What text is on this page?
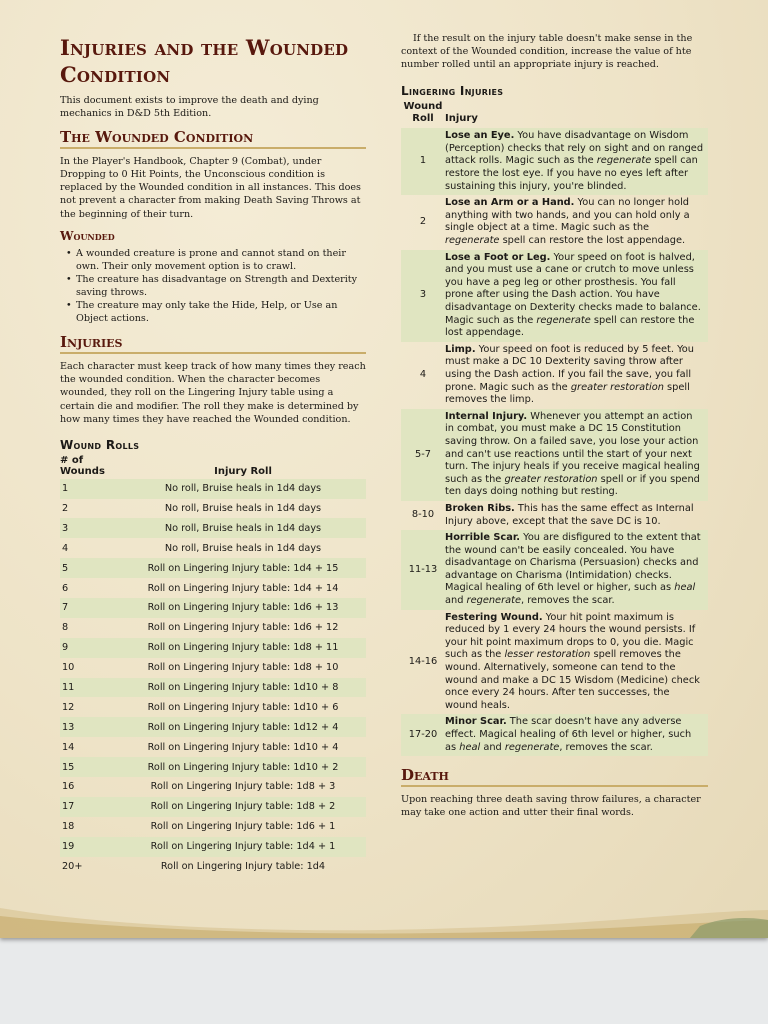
Injuries and the Wounded Condition

This document exists to improve the death and dying mechanics in D&D 5th Edition.

The Wounded Condition

In the Player's Handbook, Chapter 9 (Combat), under Dropping to 0 Hit Points, the Unconscious condition is replaced by the Wounded condition in all instances. This does not prevent a character from making Death Saving Throws at the beginning of their turn.

Wounded
• A wounded creature is prone and cannot stand on their own. Their only movement option is to crawl.
• The creature has disadvantage on Strength and Dexterity saving throws.
• The creature may only take the Hide, Help, or Use an Object actions.
Injuries

Each character must keep track of how many times they reach the wounded condition. When the character becomes wounded, they roll on the Lingering Injury table using a certain die and modifier. The roll they make is determined by how many times they have reached the Wounded condition.

Wound Rolls
# of Wounds	Injury Roll
1	No roll, Bruise heals in 1d4 days
2	No roll, Bruise heals in 1d4 days
3	No roll, Bruise heals in 1d4 days
4	No roll, Bruise heals in 1d4 days
5	Roll on Lingering Injury table: 1d4 + 15
6	Roll on Lingering Injury table: 1d4 + 14
7	Roll on Lingering Injury table: 1d6 + 13
8	Roll on Lingering Injury table: 1d6 + 12
9	Roll on Lingering Injury table: 1d8 + 11
10	Roll on Lingering Injury table: 1d8 + 10
11	Roll on Lingering Injury table: 1d10 + 8
12	Roll on Lingering Injury table: 1d10 + 6
13	Roll on Lingering Injury table: 1d12 + 4
14	Roll on Lingering Injury table: 1d10 + 4
15	Roll on Lingering Injury table: 1d10 + 2
16	Roll on Lingering Injury table: 1d8 + 3
17	Roll on Lingering Injury table: 1d8 + 2
18	Roll on Lingering Injury table: 1d6 + 1
19	Roll on Lingering Injury table: 1d4 + 1
20+	Roll on Lingering Injury table: 1d4

If the result on the injury table doesn't make sense in the context of the Wounded condition, increase the value of hte number rolled until an appropriate injury is reached.

Lingering Injuries
Wound Roll	Injury
1	Lose an Eye. You have disadvantage on Wisdom (Perception) checks that rely on sight and on ranged attack rolls. Magic such as the regenerate spell can restore the lost eye. If you have no eyes left after sustaining this injury, you're blinded.
2	Lose an Arm or a Hand. You can no longer hold anything with two hands, and you can hold only a single object at a time. Magic such as the regenerate spell can restore the lost appendage.
3	Lose a Foot or Leg. Your speed on foot is halved, and you must use a cane or crutch to move unless you have a peg leg or other prosthesis. You fall prone after using the Dash action. You have disadvantage on Dexterity checks made to balance. Magic such as the regenerate spell can restore the lost appendage.
4	Limp. Your speed on foot is reduced by 5 feet. You must make a DC 10 Dexterity saving throw after using the Dash action. If you fail the save, you fall prone. Magic such as the greater restoration spell removes the limp.
5-7	Internal Injury. Whenever you attempt an action in combat, you must make a DC 15 Constitution saving throw. On a failed save, you lose your action and can't use reactions until the start of your next turn. The injury heals if you receive magical healing such as the greater restoration spell or if you spend ten days doing nothing but resting.
8-10	Broken Ribs. This has the same effect as Internal Injury above, except that the save DC is 10.
11-13	Horrible Scar. You are disfigured to the extent that the wound can't be easily concealed. You have disadvantage on Charisma (Persuasion) checks and advantage on Charisma (Intimidation) checks. Magical healing of 6th level or higher, such as heal and regenerate, removes the scar.
14-16	Festering Wound. Your hit point maximum is reduced by 1 every 24 hours the wound persists. If your hit point maximum drops to 0, you die. Magic such as the lesser restoration spell removes the wound. Alternatively, someone can tend to the wound and make a DC 15 Wisdom (Medicine) check once every 24 hours. After ten successes, the wound heals.
17-20	Minor Scar. The scar doesn't have any adverse effect. Magical healing of 6th level or higher, such as heal and regenerate, removes the scar.
Death

Upon reaching three death saving throw failures, a character may take one action and utter their final words.
